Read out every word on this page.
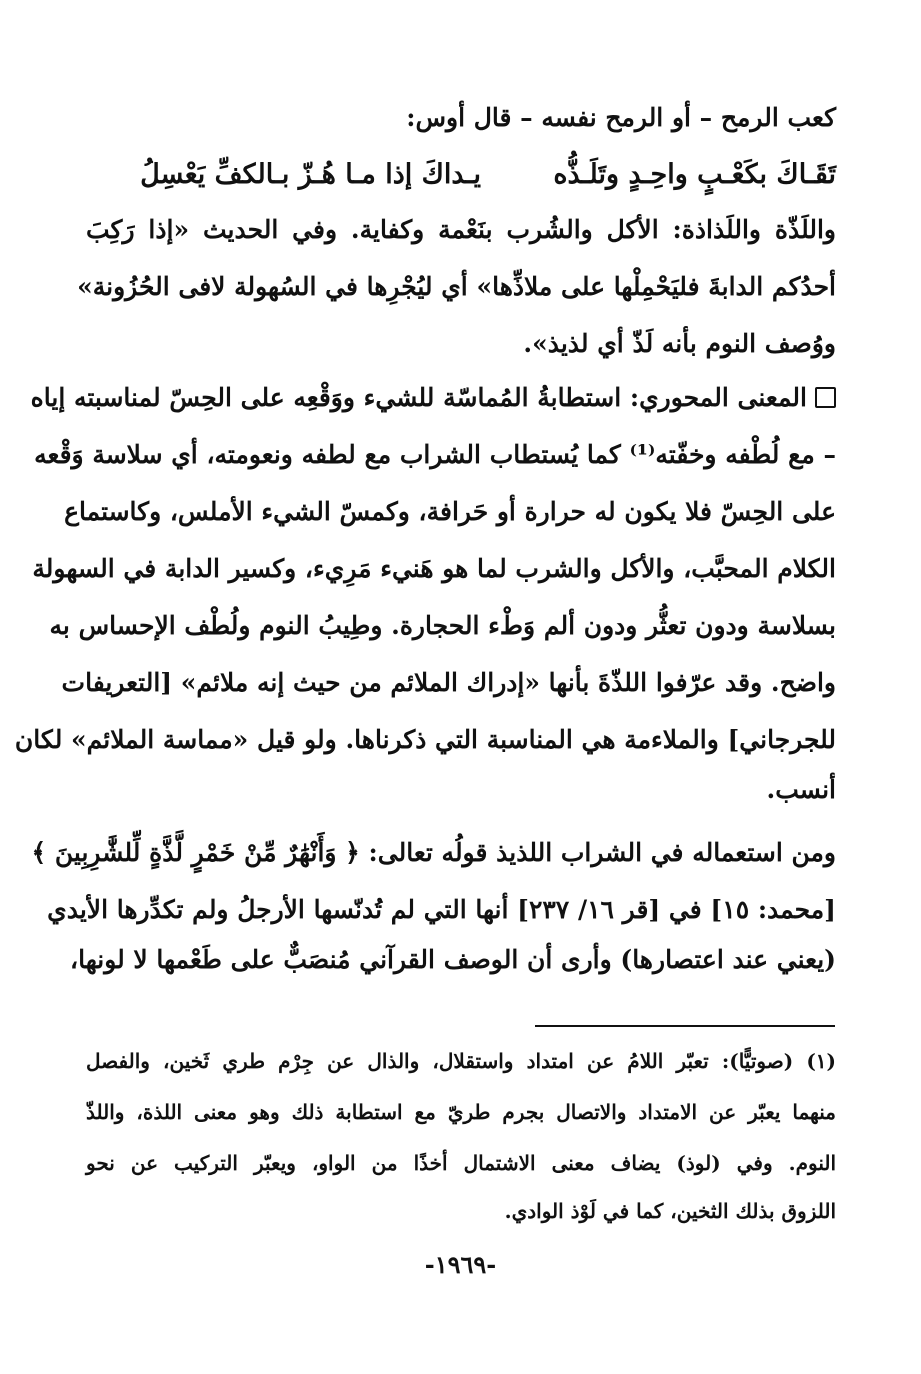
كعب الرمح – أو الرمح نفسه – قال أوس:
تَقَـاكَ بكَعْـبٍ واحِـدٍ وتَلَـذُّه
يـداكَ إذا مـا هُـزّ بـالكفِّ يَعْسِلُ
واللَذّة واللَذاذة: الأكل والشُرب بنَعْمة وكفاية. وفي الحديث «إذا رَكِبَ
أحدُكم الدابةَ فليَحْمِلْها على ملاذِّها» أي ليُجْرِها في السُهولة لافى الحُزُونة»
ووُصف النوم بأنه لَذّ أي لذيذ».
المعنى المحوري: استطابةُ المُماسّة للشيء ووَقْعِه على الحِسّ لمناسبته إياه
– مع لُطْفه وخفّته⁽¹⁾ كما يُستطاب الشراب مع لطفه ونعومته، أي سلاسة وَقْعه
على الحِسّ فلا يكون له حرارة أو حَرافة، وكمسّ الشيء الأملس، وكاستماع
الكلام المحبَّب، والأكل والشرب لما هو هَنيء مَرِيء، وكسير الدابة في السهولة
بسلاسة ودون تعثُّر ودون ألم وَطْء الحجارة. وطِيبُ النوم ولُطْف الإحساس به
واضح. وقد عرّفوا اللذّةَ بأنها «إدراك الملائم من حيث إنه ملائم» [التعريفات
للجرجاني] والملاءمة هي المناسبة التي ذكرناها. ولو قيل «مماسة الملائم» لكان
أنسب.
ومن استعماله في الشراب اللذيذ قولُه تعالى: ﴿ وَأَنْهَٰرٌ مِّنْ خَمْرٍ لَّذَّةٍ لِّلشَّٰرِبِينَ ﴾
[محمد: ١٥] في [قر ١٦/ ٢٣٧] أنها التي لم تُدنّسها الأرجلُ ولم تكدِّرها الأيدي
(يعني عند اعتصارها) وأرى أن الوصف القرآني مُنصَبٌّ على طَعْمها لا لونها،
(١) (صوتيًّا): تعبّر اللامُ عن امتداد واستقلال، والذال عن جِرْم طري ثَخين، والفصل
منهما يعبّر عن الامتداد والاتصال بجرم طريّ مع استطابة ذلك وهو معنى اللذة، واللذّ
النوم. وفي (لوذ) يضاف معنى الاشتمال أخذًا من الواو، ويعبّر التركيب عن نحو
اللزوق بذلك الثخين، كما في لَوْذ الوادي.
-١٩٦٩-
